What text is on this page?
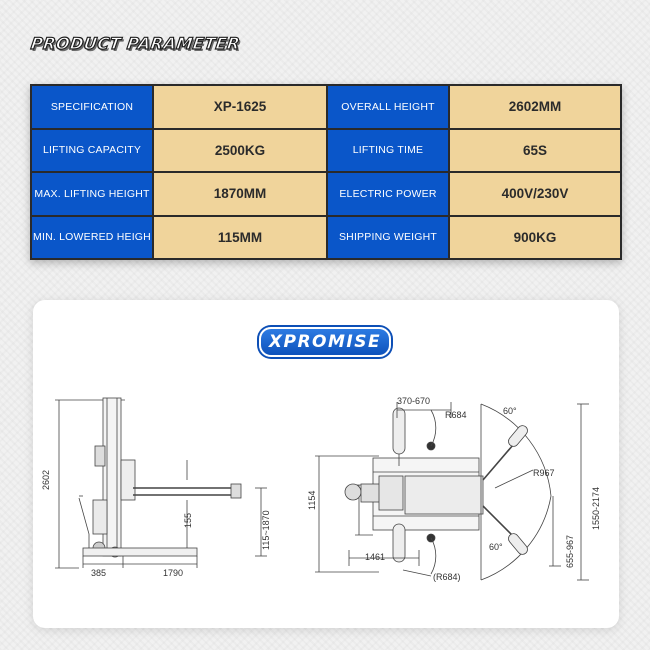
PRODUCT PARAMETER
SPECIFICATION	XP-1625	OVERALL HEIGHT	2602MM
LIFTING CAPACITY	2500KG	LIFTING TIME	65S
MAX. LIFTING HEIGHT	1870MM	ELECTRIC POWER	400V/230V
MIN. LOWERED HEIGH	115MM	SHIPPING WEIGHT	900KG
XPROMISE
2602
385	1790
155	115~1870
370-670
R684	60°
R967
1154
1461
60°
(R684)
1550-2174
655-967
